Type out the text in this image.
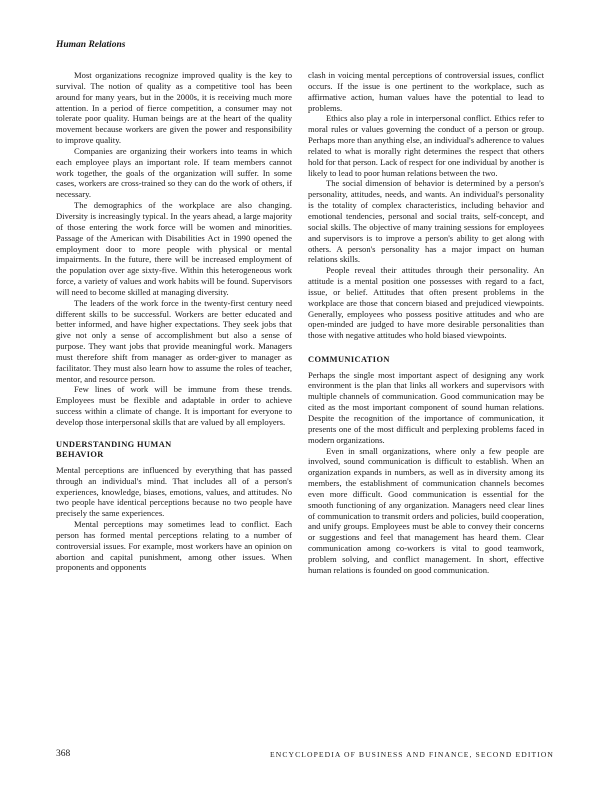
Human Relations

Most organizations recognize improved quality is the key to survival. The notion of quality as a competitive tool has been around for many years, but in the 2000s, it is receiving much more attention. In a period of fierce competition, a consumer may not tolerate poor quality. Human beings are at the heart of the quality movement because workers are given the power and responsibility to improve quality.

Companies are organizing their workers into teams in which each employee plays an important role. If team members cannot work together, the goals of the organization will suffer. In some cases, workers are cross-trained so they can do the work of others, if necessary.

The demographics of the workplace are also changing. Diversity is increasingly typical. In the years ahead, a large majority of those entering the work force will be women and minorities. Passage of the American with Disabilities Act in 1990 opened the employment door to more people with physical or mental impairments. In the future, there will be increased employment of the population over age sixty-five. Within this heterogeneous work force, a variety of values and work habits will be found. Supervisors will need to become skilled at managing diversity.

The leaders of the work force in the twenty-first century need different skills to be successful. Workers are better educated and better informed, and have higher expectations. They seek jobs that give not only a sense of accomplishment but also a sense of purpose. They want jobs that provide meaningful work. Managers must therefore shift from manager as order-giver to manager as facilitator. They must also learn how to assume the roles of teacher, mentor, and resource person.

Few lines of work will be immune from these trends. Employees must be flexible and adaptable in order to achieve success within a climate of change. It is important for everyone to develop those interpersonal skills that are valued by all employers.

UNDERSTANDING HUMAN
BEHAVIOR

Mental perceptions are influenced by everything that has passed through an individual's mind. That includes all of a person's experiences, knowledge, biases, emotions, values, and attitudes. No two people have identical perceptions because no two people have precisely the same experiences.

Mental perceptions may sometimes lead to conflict. Each person has formed mental perceptions relating to a number of controversial issues. For example, most workers have an opinion on abortion and capital punishment, among other issues. When proponents and opponents

clash in voicing mental perceptions of controversial issues, conflict occurs. If the issue is one pertinent to the workplace, such as affirmative action, human values have the potential to lead to problems.

Ethics also play a role in interpersonal conflict. Ethics refer to moral rules or values governing the conduct of a person or group. Perhaps more than anything else, an individual's adherence to values related to what is morally right determines the respect that others hold for that person. Lack of respect for one individual by another is likely to lead to poor human relations between the two.

The social dimension of behavior is determined by a person's personality, attitudes, needs, and wants. An individual's personality is the totality of complex characteristics, including behavior and emotional tendencies, personal and social traits, self-concept, and social skills. The objective of many training sessions for employees and supervisors is to improve a person's ability to get along with others. A person's personality has a major impact on human relations skills.

People reveal their attitudes through their personality. An attitude is a mental position one possesses with regard to a fact, issue, or belief. Attitudes that often present problems in the workplace are those that concern biased and prejudiced viewpoints. Generally, employees who possess positive attitudes and who are open-minded are judged to have more desirable personalities than those with negative attitudes who hold biased viewpoints.

COMMUNICATION

Perhaps the single most important aspect of designing any work environment is the plan that links all workers and supervisors with multiple channels of communication. Good communication may be cited as the most important component of sound human relations. Despite the recognition of the importance of communication, it presents one of the most difficult and perplexing problems faced in modern organizations.

Even in small organizations, where only a few people are involved, sound communication is difficult to establish. When an organization expands in numbers, as well as in diversity among its members, the establishment of communication channels becomes even more difficult. Good communication is essential for the smooth functioning of any organization. Managers need clear lines of communication to transmit orders and policies, build cooperation, and unify groups. Employees must be able to convey their concerns or suggestions and feel that management has heard them. Clear communication among co-workers is vital to good teamwork, problem solving, and conflict management. In short, effective human relations is founded on good communication.

368	ENCYCLOPEDIA OF BUSINESS AND FINANCE, SECOND EDITION
